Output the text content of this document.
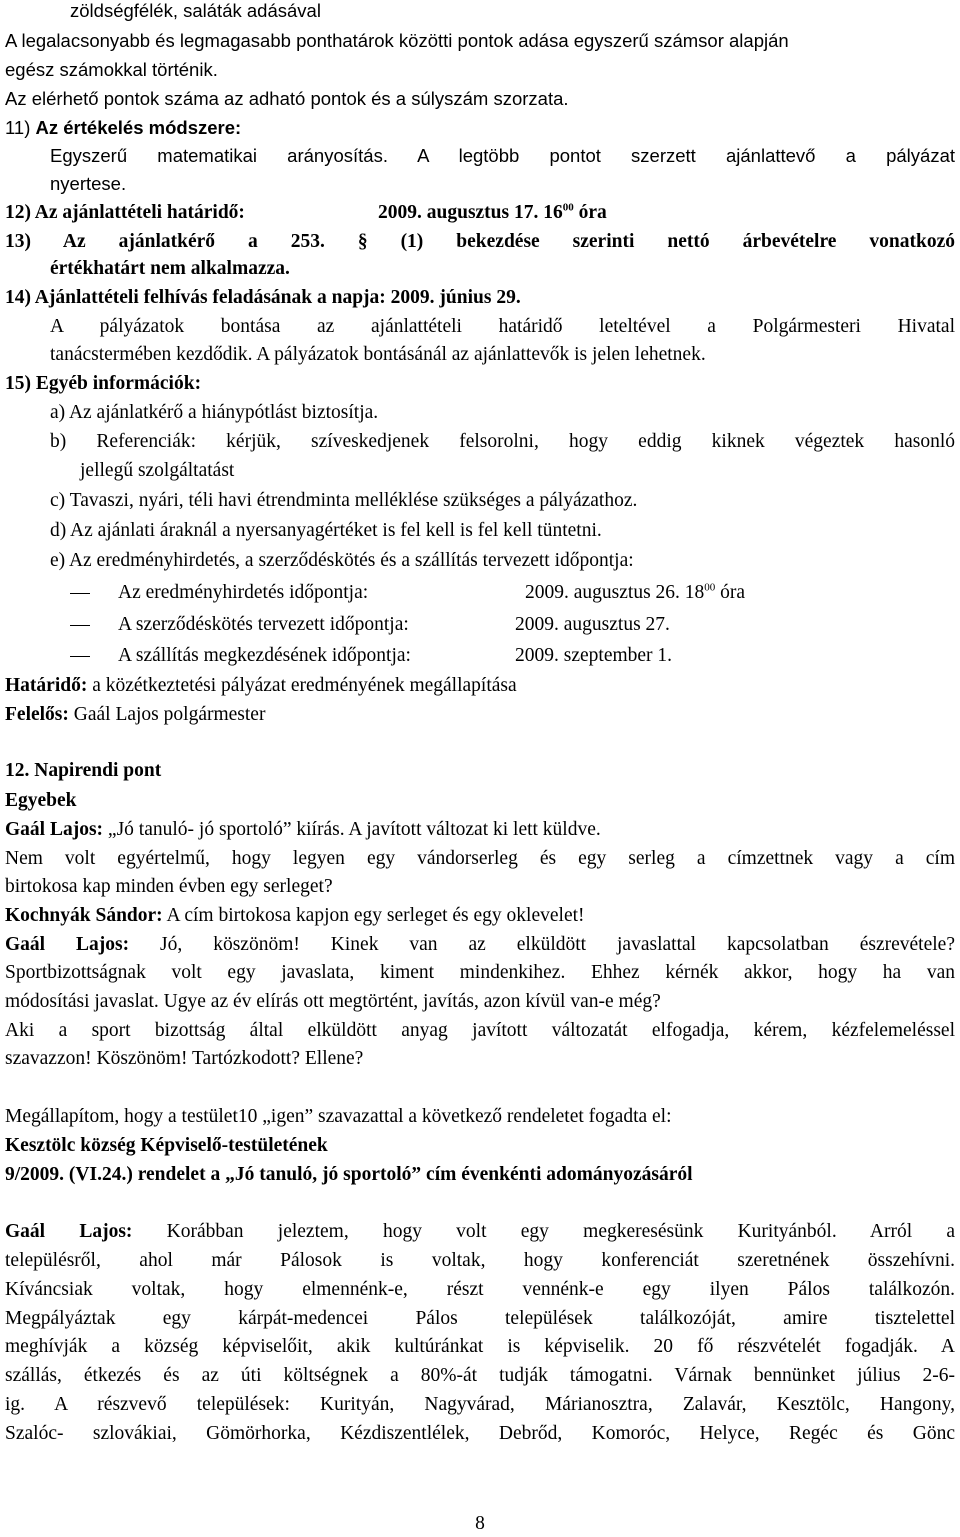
zöldségfélék, saláták adásával
A legalacsonyabb és legmagasabb ponthatárok közötti pontok adása egyszerű számsor alapján
egész számokkal történik.
Az elérhető pontok száma az adható pontok és a súlyszám szorzata.
11) Az értékelés módszere:
Egyszerű matematikai arányosítás. A legtöbb pontot szerzett ajánlattevő a pályázat
nyertese.
12) Az ajánlattételi határidő:	2009. augusztus 17. $16^{00}$ óra
13) Az ajánlatkérő a 253. § (1) bekezdése szerinti nettó árbevételre vonatkozó
értékhatárt nem alkalmazza.
14) Ajánlattételi felhívás feladásának a napja: 2009. június 29.
A pályázatok bontása az ajánlattételi határidő leteltével a Polgármesteri Hivatal
tanácstermében kezdődik. A pályázatok bontásánál az ajánlattevők is jelen lehetnek.
15) Egyéb információk:
a) Az ajánlatkérő a hiánypótlást biztosítja.
b) Referenciák: kérjük, szíveskedjenek felsorolni, hogy eddig kiknek végeztek hasonló
jellegű szolgáltatást
c) Tavaszi, nyári, téli havi étrendminta melléklése szükséges a pályázathoz.
d) Az ajánlati áraknál a nyersanyagértéket is fel kell is fel kell tüntetni.
e) Az eredményhirdetés, a szerződéskötés és a szállítás tervezett időpontja:
Az eredményhirdetés időpontja:	2009. augusztus 26. $18^{00}$ óra
A szerződéskötés tervezett időpontja:	2009. augusztus 27.
A szállítás megkezdésének időpontja:	2009. szeptember 1.
Határidő: a közétkeztetési pályázat eredményének megállapítása
Felelős: Gaál Lajos polgármester
12. Napirendi pont
Egyebek
Gaál Lajos: „Jó tanuló- jó sportoló” kiírás. A javított változat ki lett küldve.
Nem volt egyértelmű, hogy legyen egy vándorserleg és egy serleg a címzettnek vagy a cím
birtokosa kap minden évben egy serleget?
Kochnyák Sándor: A cím birtokosa kapjon egy serleget és egy oklevelet!
Gaál Lajos: Jó, köszönöm! Kinek van az elküldött javaslattal kapcsolatban észrevétele?
Sportbizottságnak volt egy javaslata, kiment mindenkihez. Ehhez kérnék akkor, hogy ha van
módosítási javaslat. Ugye az év elírás ott megtörtént, javítás, azon kívül van-e még?
Aki a sport bizottság által elküldött anyag javított változatát elfogadja, kérem, kézfelemeléssel
szavazzon! Köszönöm! Tartózkodott? Ellene?
Megállapítom, hogy a testület10 „igen” szavazattal a következő rendeletet fogadta el:
Kesztölc község Képviselő-testületének
9/2009. (VI.24.) rendelet a „Jó tanuló, jó sportoló” cím évenkénti adományozásáról
Gaál Lajos: Korábban jeleztem, hogy volt egy megkeresésünk Kurityánból. Arról a
településről, ahol már Pálosok is voltak, hogy konferenciát szeretnének összehívni.
Kíváncsiak voltak, hogy elmennénk-e, részt vennénk-e egy ilyen Pálos találkozón.
Megpályáztak egy kárpát-medencei Pálos települések találkozóját, amire tisztelettel
meghívják a község képviselőit, akik kultúránkat is képviselik. 20 fő részvételét fogadják. A
szállás, étkezés és az úti költségnek a 80%-át tudják támogatni. Várnak bennünket július 2-6-
ig. A részvevő települések: Kurityán, Nagyvárad, Márianosztra, Zalavár, Kesztölc, Hangony,
Szalóc- szlovákiai, Gömörhorka, Kézdiszentlélek, Debrőd, Komoróc, Helyce, Regéc és Gönc
8
